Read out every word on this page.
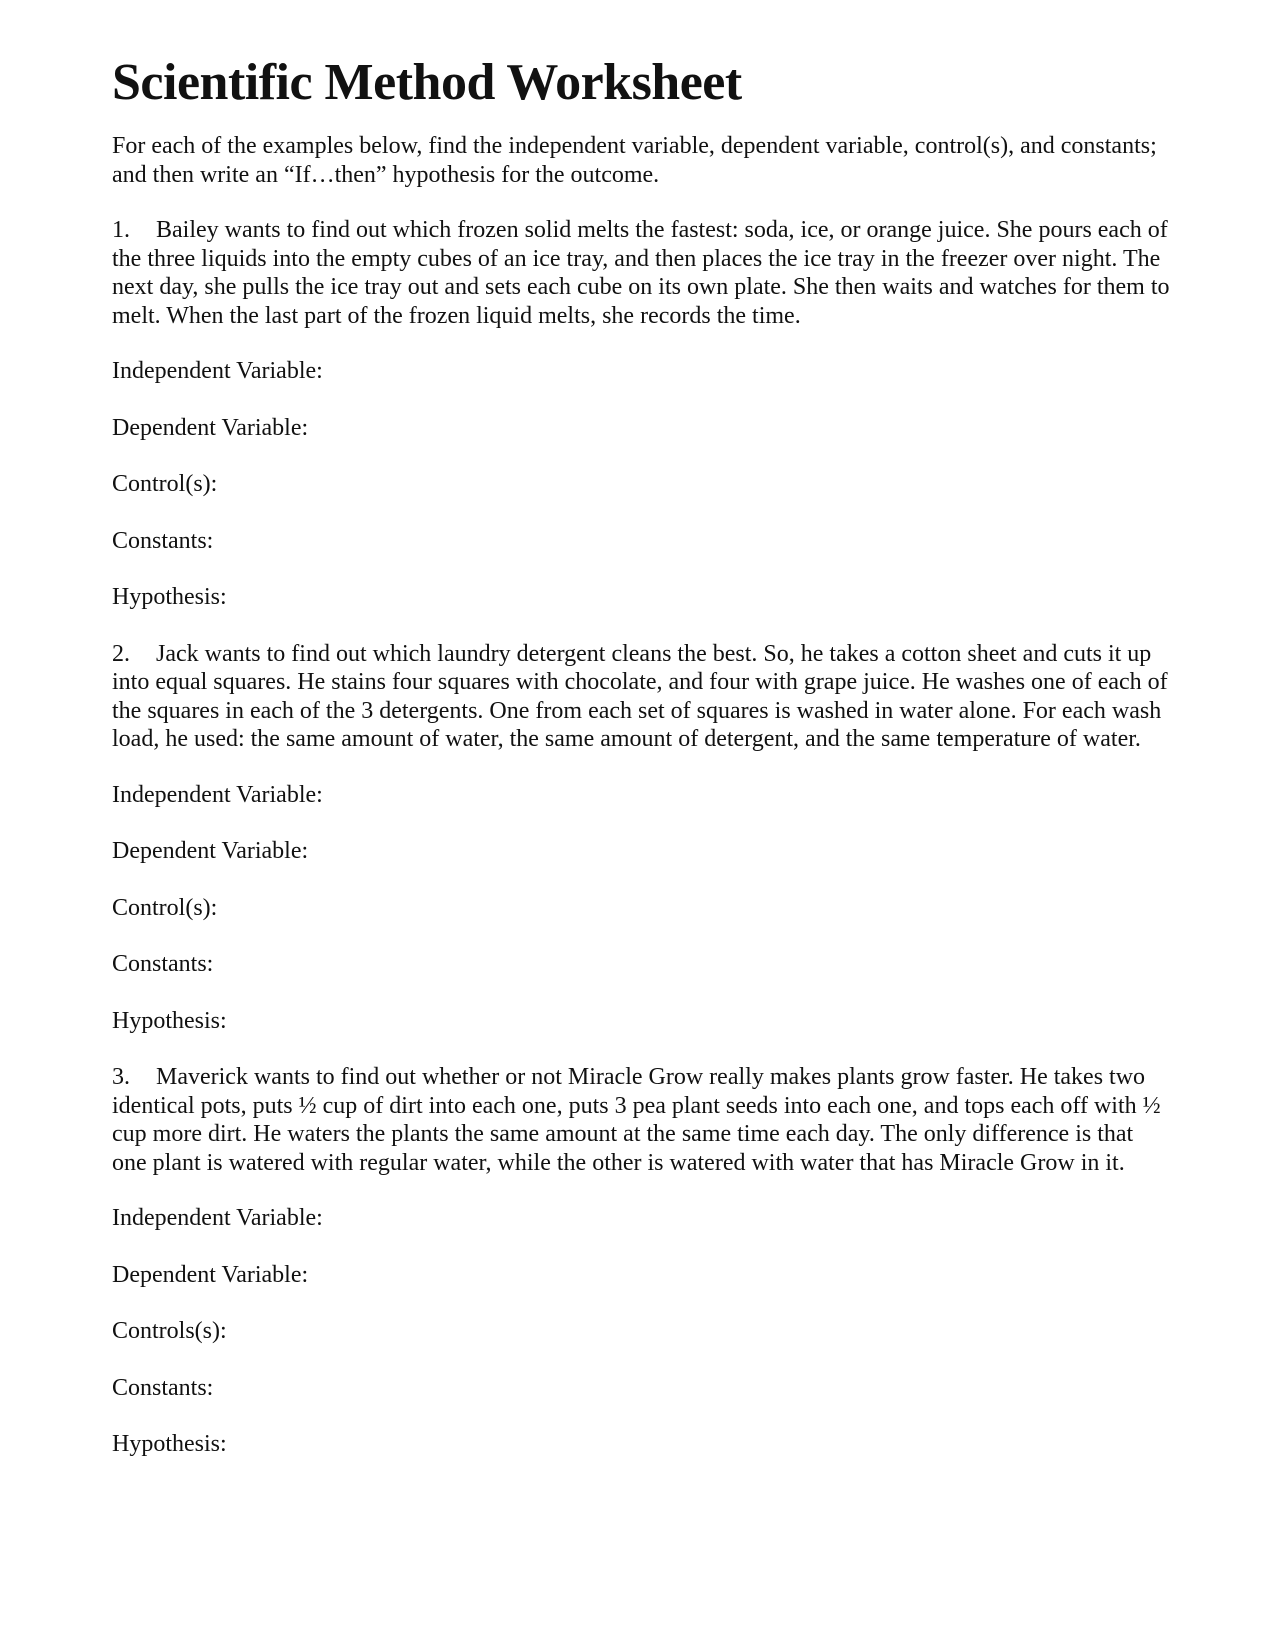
Scientific Method Worksheet

For each of the examples below, find the independent variable, dependent variable, control(s), and constants; and then write an “If…then” hypothesis for the outcome.

1. Bailey wants to find out which frozen solid melts the fastest: soda, ice, or orange juice. She pours each of the three liquids into the empty cubes of an ice tray, and then places the ice tray in the freezer over night. The next day, she pulls the ice tray out and sets each cube on its own plate. She then waits and watches for them to melt. When the last part of the frozen liquid melts, she records the time.

Independent Variable:
Dependent Variable:
Control(s):
Constants:
Hypothesis:

2. Jack wants to find out which laundry detergent cleans the best. So, he takes a cotton sheet and cuts it up into equal squares. He stains four squares with chocolate, and four with grape juice. He washes one of each of the squares in each of the 3 detergents. One from each set of squares is washed in water alone. For each wash load, he used: the same amount of water, the same amount of detergent, and the same temperature of water.

Independent Variable:
Dependent Variable:
Control(s):
Constants:
Hypothesis:

3. Maverick wants to find out whether or not Miracle Grow really makes plants grow faster. He takes two identical pots, puts ½ cup of dirt into each one, puts 3 pea plant seeds into each one, and tops each off with ½ cup more dirt. He waters the plants the same amount at the same time each day. The only difference is that one plant is watered with regular water, while the other is watered with water that has Miracle Grow in it.

Independent Variable:
Dependent Variable:
Controls(s):
Constants:
Hypothesis:
